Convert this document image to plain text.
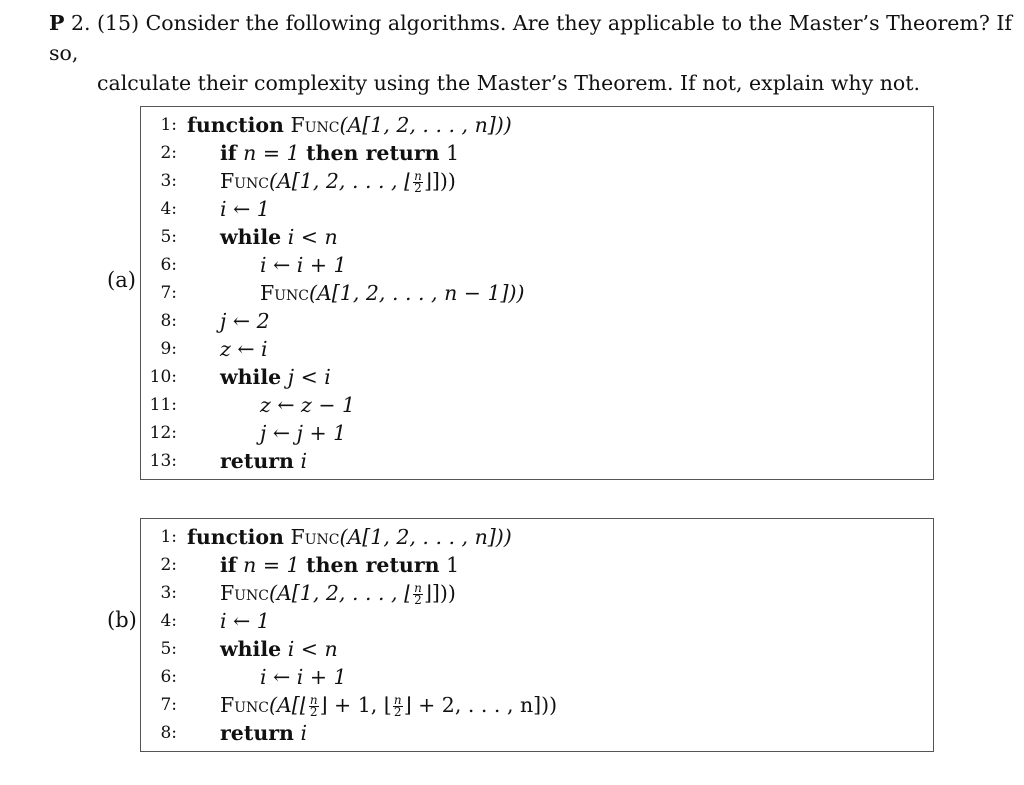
P 2. (15) Consider the following algorithms. Are they applicable to the Master’s Theorem? If so,
calculate their complexity using the Master’s Theorem. If not, explain why not.
(a)
1: function Func(A[1, 2, . . . , n]))
2: if n = 1 then return 1
3: Func(A[1, 2, . . . , ⌊ $\frac{n}{2}$ ⌋]))
4: i ← 1
5: while i < n
6:	i ← i + 1
7:	Func(A[1, 2, . . . , n − 1]))
8: j ← 2
9: z ← i
10: while j < i
11:	z ← z − 1
12:	j ← j + 1
13: return i
(b)
1: function Func(A[1, 2, . . . , n]))
2: if n = 1 then return 1
3: Func(A[1, 2, . . . , ⌊ $\frac{n}{2}$ ⌋]))
4: i ← 1
5: while i < n
6:	i ← i + 1
7: Func(A[⌊ $\frac{n}{2}$ ⌋ + 1, ⌊ $\frac{n}{2}$ ⌋ + 2, . . . , n]))
8: return i
